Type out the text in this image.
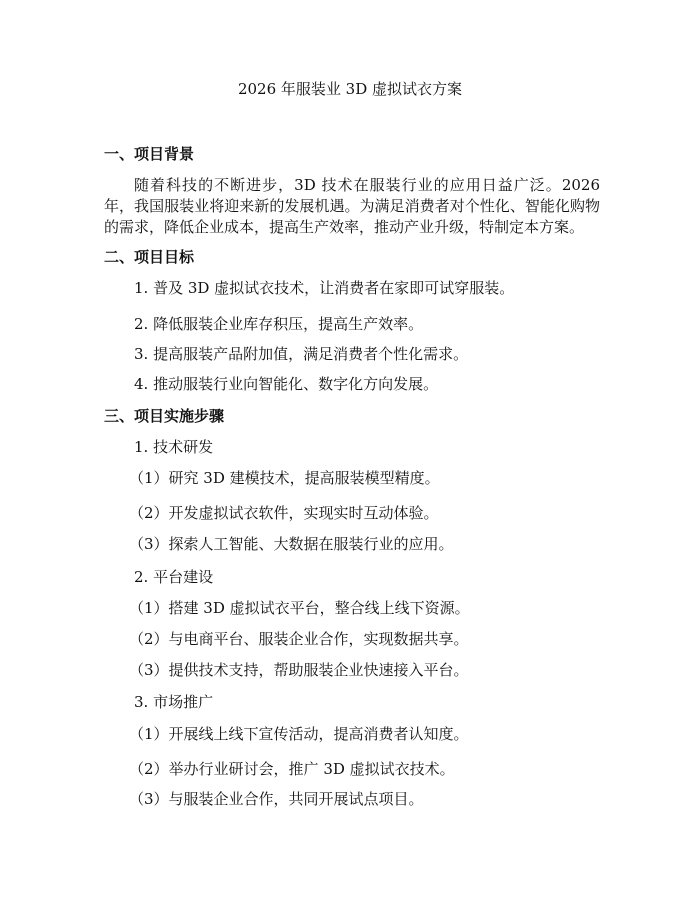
2026 年服装业 3D 虚拟试衣方案
一、项目背景
随着科技的不断进步，3D 技术在服装行业的应用日益广泛。2026 年，我国服装业将迎来新的发展机遇。为满足消费者对个性化、智能化购物的需求，降低企业成本，提高生产效率，推动产业升级，特制定本方案。
二、项目目标
1. 普及 3D 虚拟试衣技术，让消费者在家即可试穿服装。
2. 降低服装企业库存积压，提高生产效率。
3. 提高服装产品附加值，满足消费者个性化需求。
4. 推动服装行业向智能化、数字化方向发展。
三、项目实施步骤
1. 技术研发
（1）研究 3D 建模技术，提高服装模型精度。
（2）开发虚拟试衣软件，实现实时互动体验。
（3）探索人工智能、大数据在服装行业的应用。
2. 平台建设
（1）搭建 3D 虚拟试衣平台，整合线上线下资源。
（2）与电商平台、服装企业合作，实现数据共享。
（3）提供技术支持，帮助服装企业快速接入平台。
3. 市场推广
（1）开展线上线下宣传活动，提高消费者认知度。
（2）举办行业研讨会，推广 3D 虚拟试衣技术。
（3）与服装企业合作，共同开展试点项目。
